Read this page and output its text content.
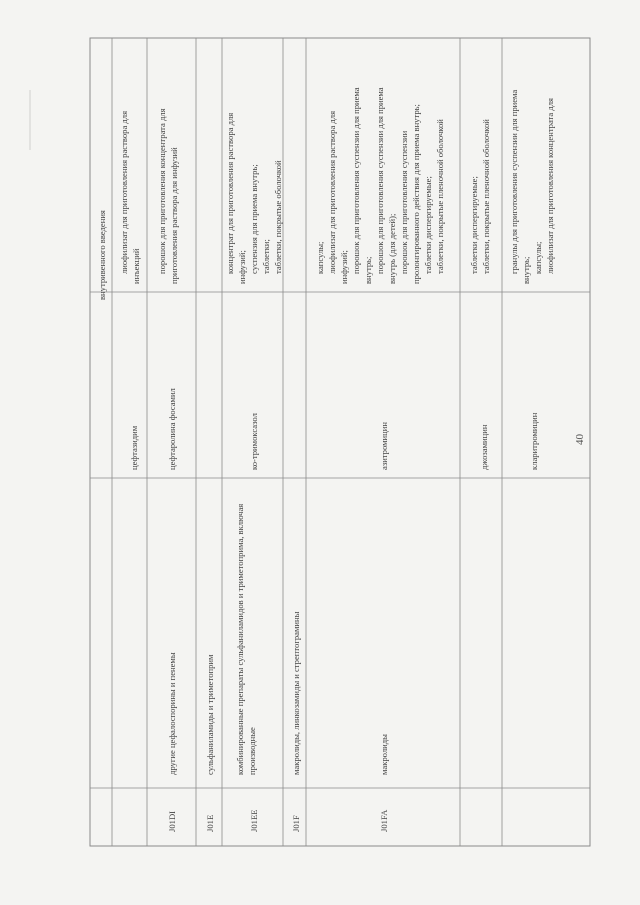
внутривенного введения
цефтазидим
лиофилизат для приготовления раствора для инъекций
J01DI
другие цефалоспорины и пенемы
цефтаролина фосамил
порошок для приготовления концентрата для приготовления раствора для инфузий
J01E
сульфаниламиды и триметоприм
J01EE
комбинированные препараты сульфаниламидов и триметоприма, включая производные
ко-тримоксазол
концентрат для приготовления раствора для инфузий; суспензия для приема внутрь; таблетки; таблетки, покрытые оболочкой
J01F
макролиды, линкозамиды и стрептограмины
J01FA
макролиды
азитромицин
капсулы; лиофилизат для приготовления раствора для инфузий; порошок для приготовления суспензии для приема внутрь; порошок для приготовления суспензии для приема внутрь (для детей); порошок для приготовления суспензии пролонгированного действия для приема внутрь; таблетки диспергируемые; таблетки, покрытые пленочной оболочкой
джозамицин
таблетки диспергируемые; таблетки, покрытые пленочной оболочкой
кларитромицин
гранулы для приготовления суспензии для приема внутрь; капсулы; лиофилизат для приготовления концентрата для
40
